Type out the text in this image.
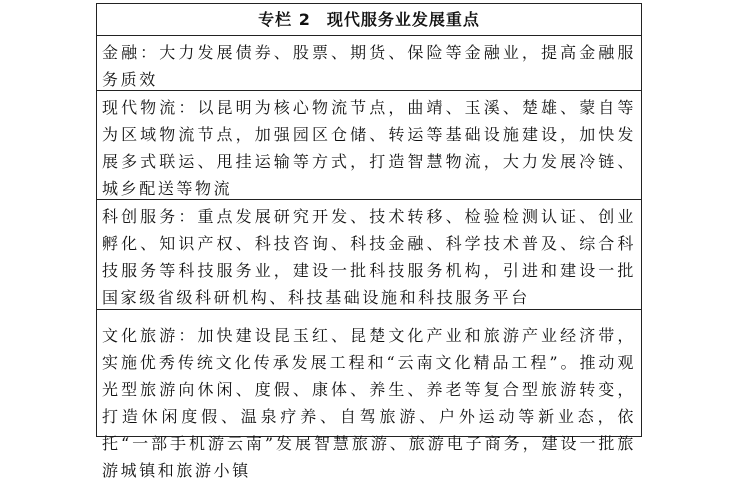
专栏 2 现代服务业发展重点
金融：大力发展债券、股票、期货、保险等金融业，提高金融服务质效
现代物流：以昆明为核心物流节点，曲靖、玉溪、楚雄、蒙自等为区域物流节点，加强园区仓储、转运等基础设施建设，加快发展多式联运、甩挂运输等方式，打造智慧物流，大力发展冷链、城乡配送等物流
科创服务：重点发展研究开发、技术转移、检验检测认证、创业孵化、知识产权、科技咨询、科技金融、科学技术普及、综合科技服务等科技服务业，建设一批科技服务机构，引进和建设一批国家级省级科研机构、科技基础设施和科技服务平台
文化旅游：加快建设昆玉红、昆楚文化产业和旅游产业经济带，实施优秀传统文化传承发展工程和“云南文化精品工程”。推动观光型旅游向休闲、度假、康体、养生、养老等复合型旅游转变，打造休闲度假、温泉疗养、自驾旅游、户外运动等新业态，依托“一部手机游云南”发展智慧旅游、旅游电子商务，建设一批旅游城镇和旅游小镇
